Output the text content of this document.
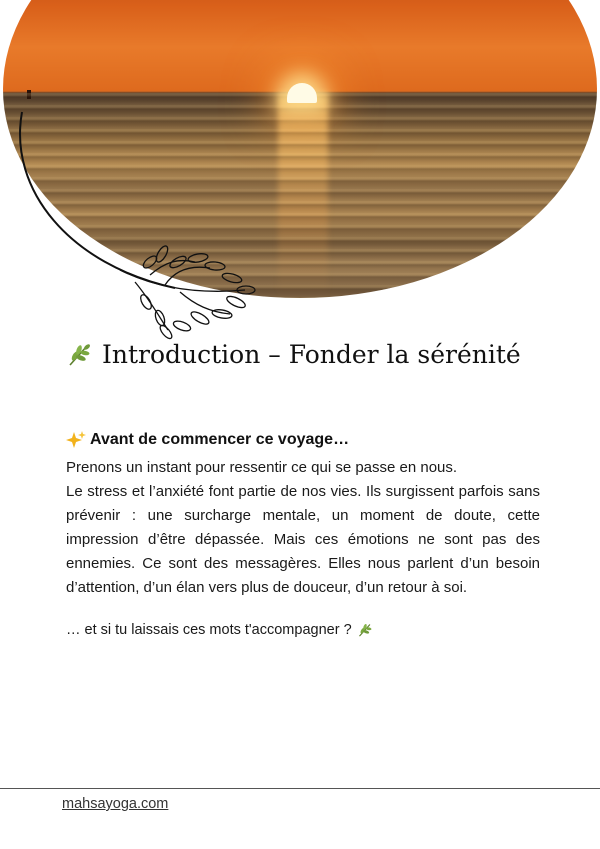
Introduction – Fonder la sérénité
Avant de commencer ce voyage…

Prenons un instant pour ressentir ce qui se passe en nous.

Le stress et l’anxiété font partie de nos vies. Ils surgissent parfois sans prévenir : une surcharge mentale, un moment de doute, cette impression d’être dépassée. Mais ces émotions ne sont pas des ennemies. Ce sont des messagères. Elles nous parlent d’un besoin d’attention, d’un élan vers plus de douceur, d’un retour à soi.

… et si tu laissais ces mots t'accompagner ?

mahsayoga.com
